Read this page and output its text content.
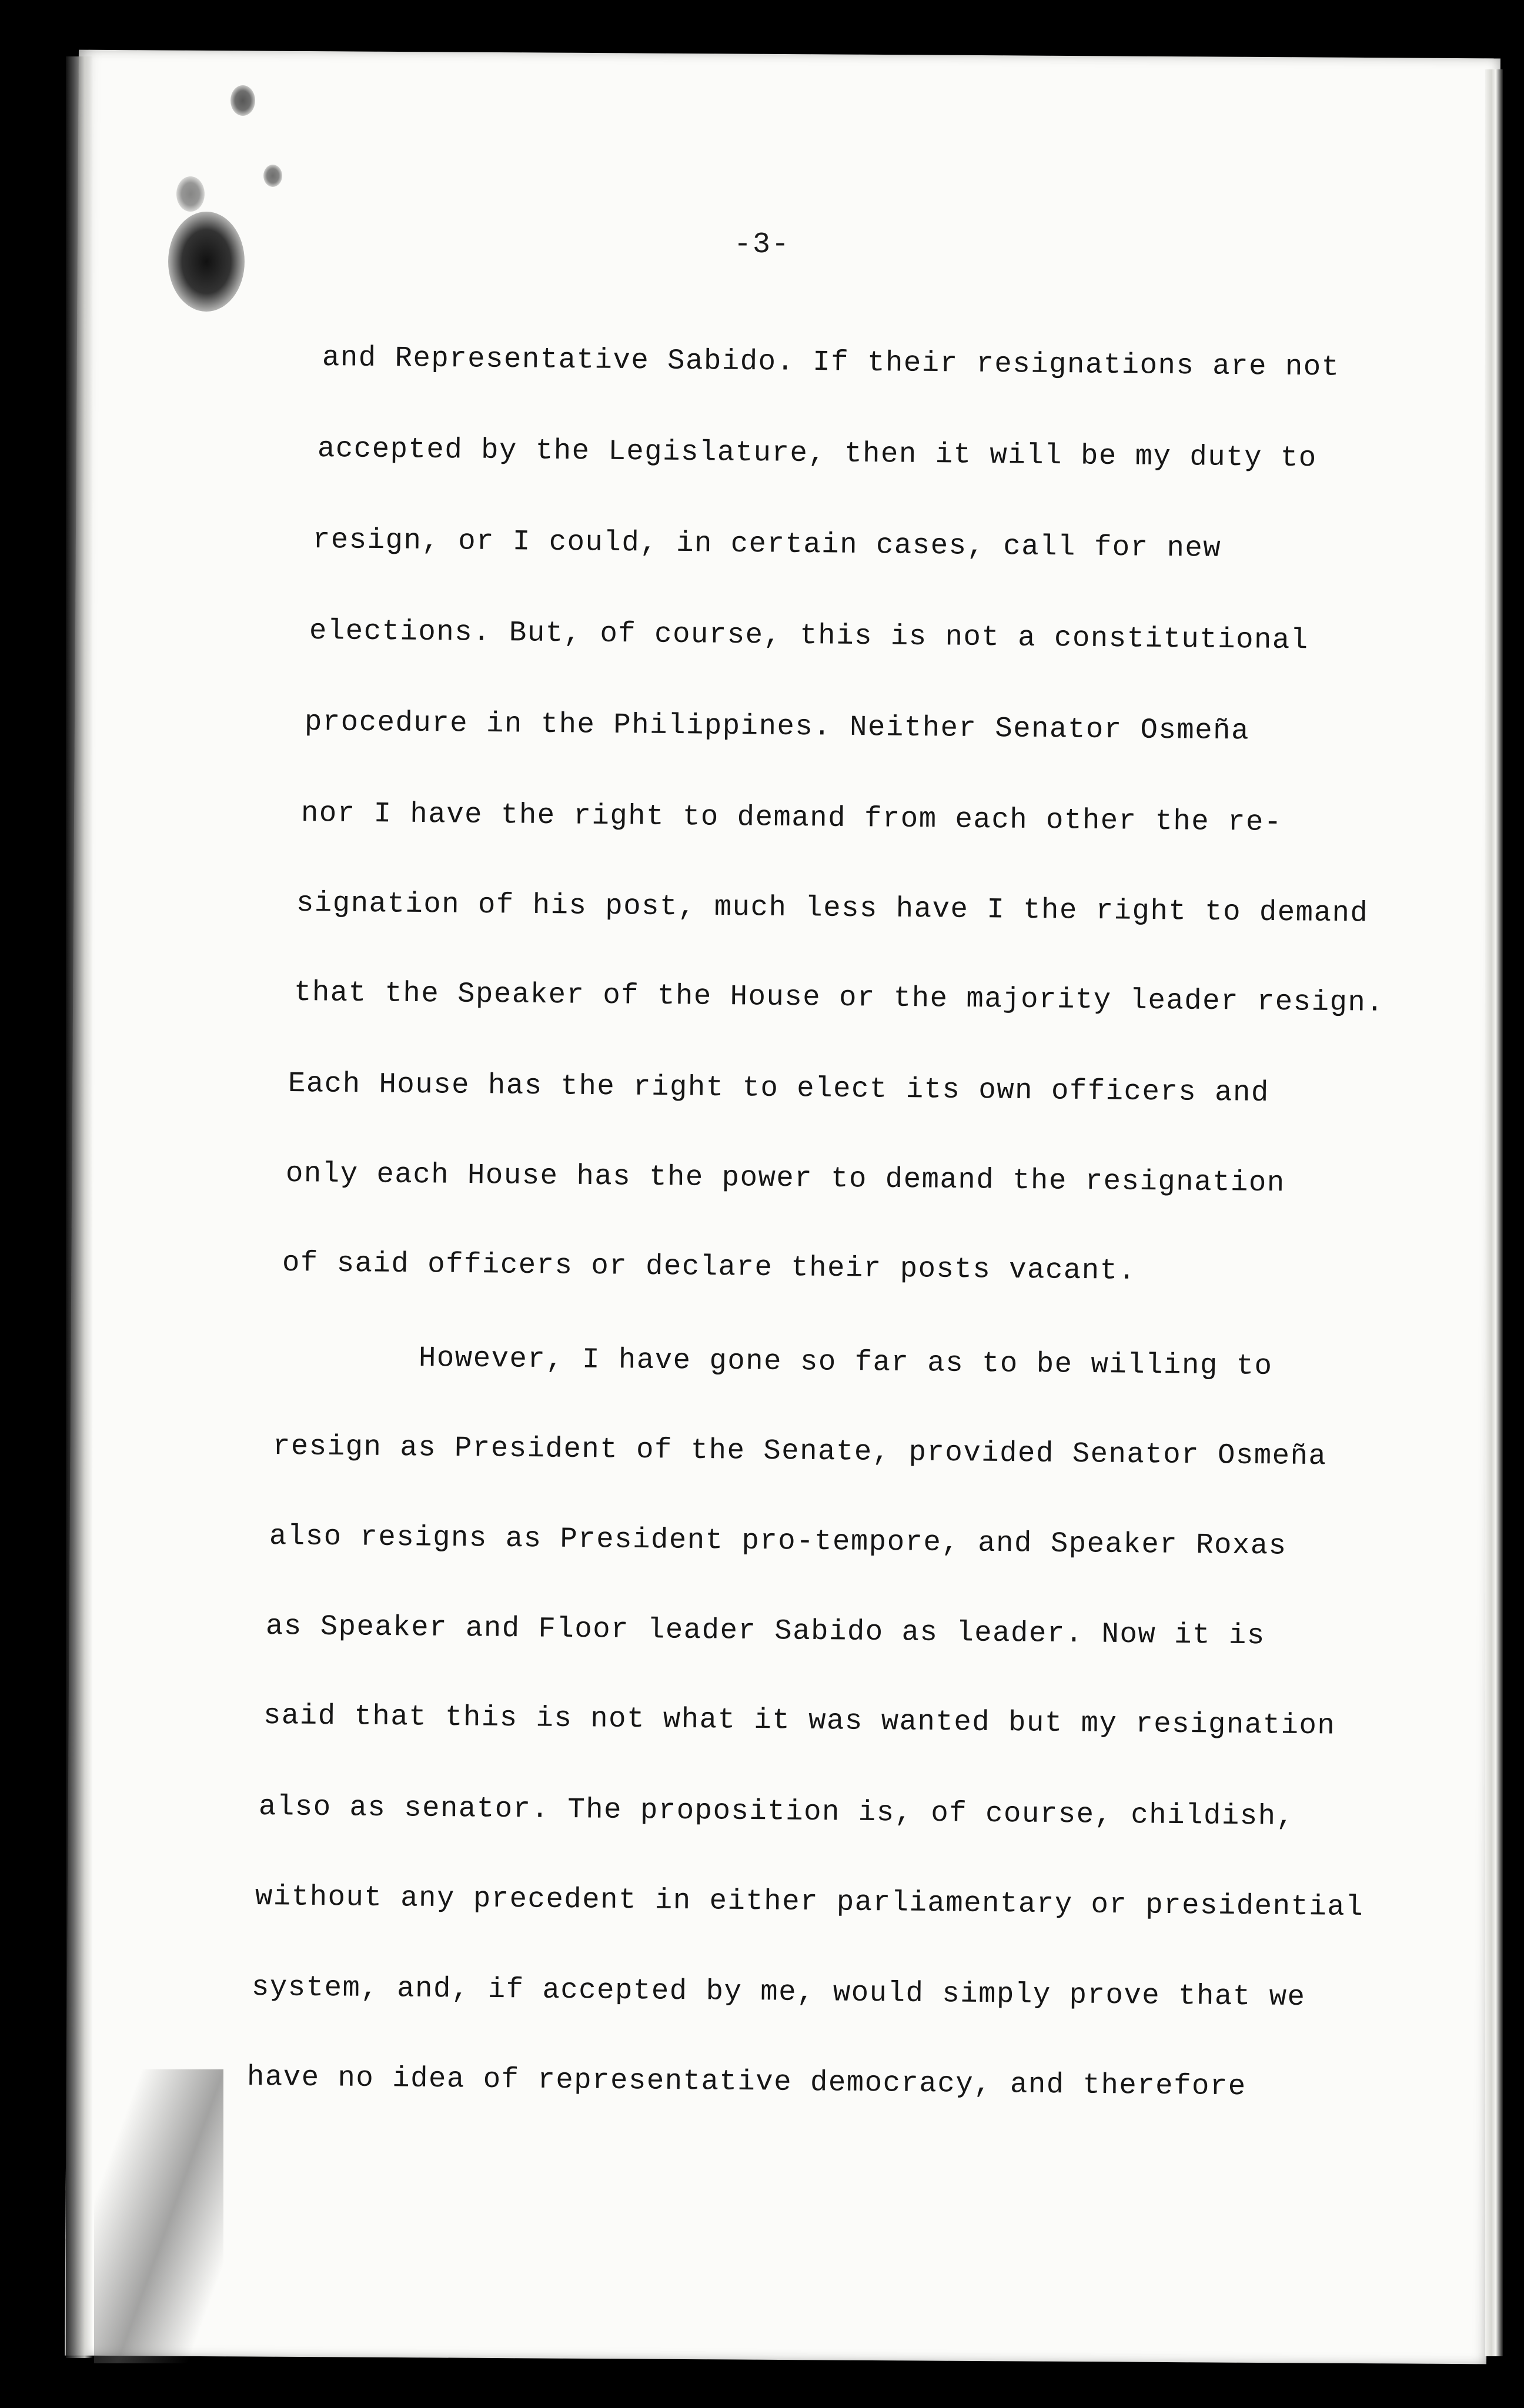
-3-
and Representative Sabido. If their resignations are not
accepted by the Legislature, then it will be my duty to
resign, or I could, in certain cases, call for new
elections. But, of course, this is not a constitutional
procedure in the Philippines. Neither Senator Osmeña
nor I have the right to demand from each other the re-
signation of his post, much less have I the right to demand
that the Speaker of the House or the majority leader resign.
Each House has the right to elect its own officers and
only each House has the power to demand the resignation
of said officers or declare their posts vacant.
However, I have gone so far as to be willing to
resign as President of the Senate, provided Senator Osmeña
also resigns as President pro-tempore, and Speaker Roxas
as Speaker and Floor leader Sabido as leader. Now it is
said that this is not what it was wanted but my resignation
also as senator. The proposition is, of course, childish,
without any precedent in either parliamentary or presidential
system, and, if accepted by me, would simply prove that we
have no idea of representative democracy, and therefore
